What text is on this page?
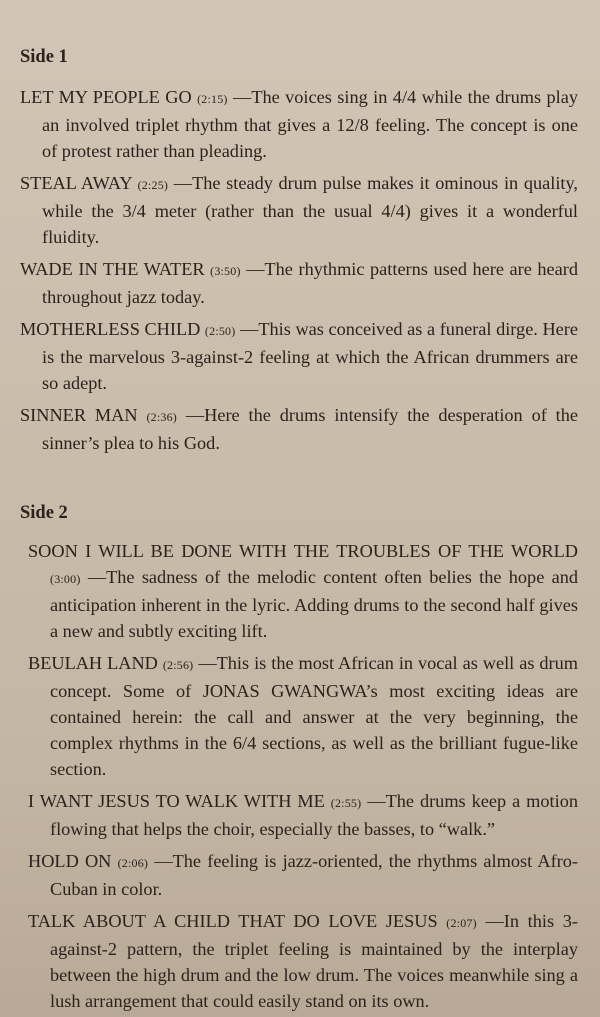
Side 1

LET MY PEOPLE GO (2:15) —The voices sing in 4/4 while the drums play an involved triplet rhythm that gives a 12/8 feeling. The concept is one of protest rather than pleading.

STEAL AWAY (2:25) —The steady drum pulse makes it ominous in quality, while the 3/4 meter (rather than the usual 4/4) gives it a wonderful fluidity.

WADE IN THE WATER (3:50) —The rhythmic patterns used here are heard throughout jazz today.

MOTHERLESS CHILD (2:50) —This was conceived as a funeral dirge. Here is the marvelous 3-against-2 feeling at which the African drummers are so adept.

SINNER MAN (2:36) —Here the drums intensify the desperation of the sinner’s plea to his God.

Side 2

SOON I WILL BE DONE WITH THE TROUBLES OF THE WORLD (3:00) —The sadness of the melodic content often belies the hope and anticipation inherent in the lyric. Adding drums to the second half gives a new and subtly exciting lift.

BEULAH LAND (2:56) —This is the most African in vocal as well as drum concept. Some of JONAS GWANGWA’s most exciting ideas are contained herein: the call and answer at the very beginning, the complex rhythms in the 6/4 sections, as well as the brilliant fugue-like section.

I WANT JESUS TO WALK WITH ME (2:55) —The drums keep a motion flowing that helps the choir, especially the basses, to “walk.”

HOLD ON (2:06) —The feeling is jazz-oriented, the rhythms almost Afro-Cuban in color.

TALK ABOUT A CHILD THAT DO LOVE JESUS (2:07) —In this 3-against-2 pattern, the triplet feeling is maintained by the interplay between the high drum and the low drum. The voices meanwhile sing a lush arrangement that could easily stand on its own.
